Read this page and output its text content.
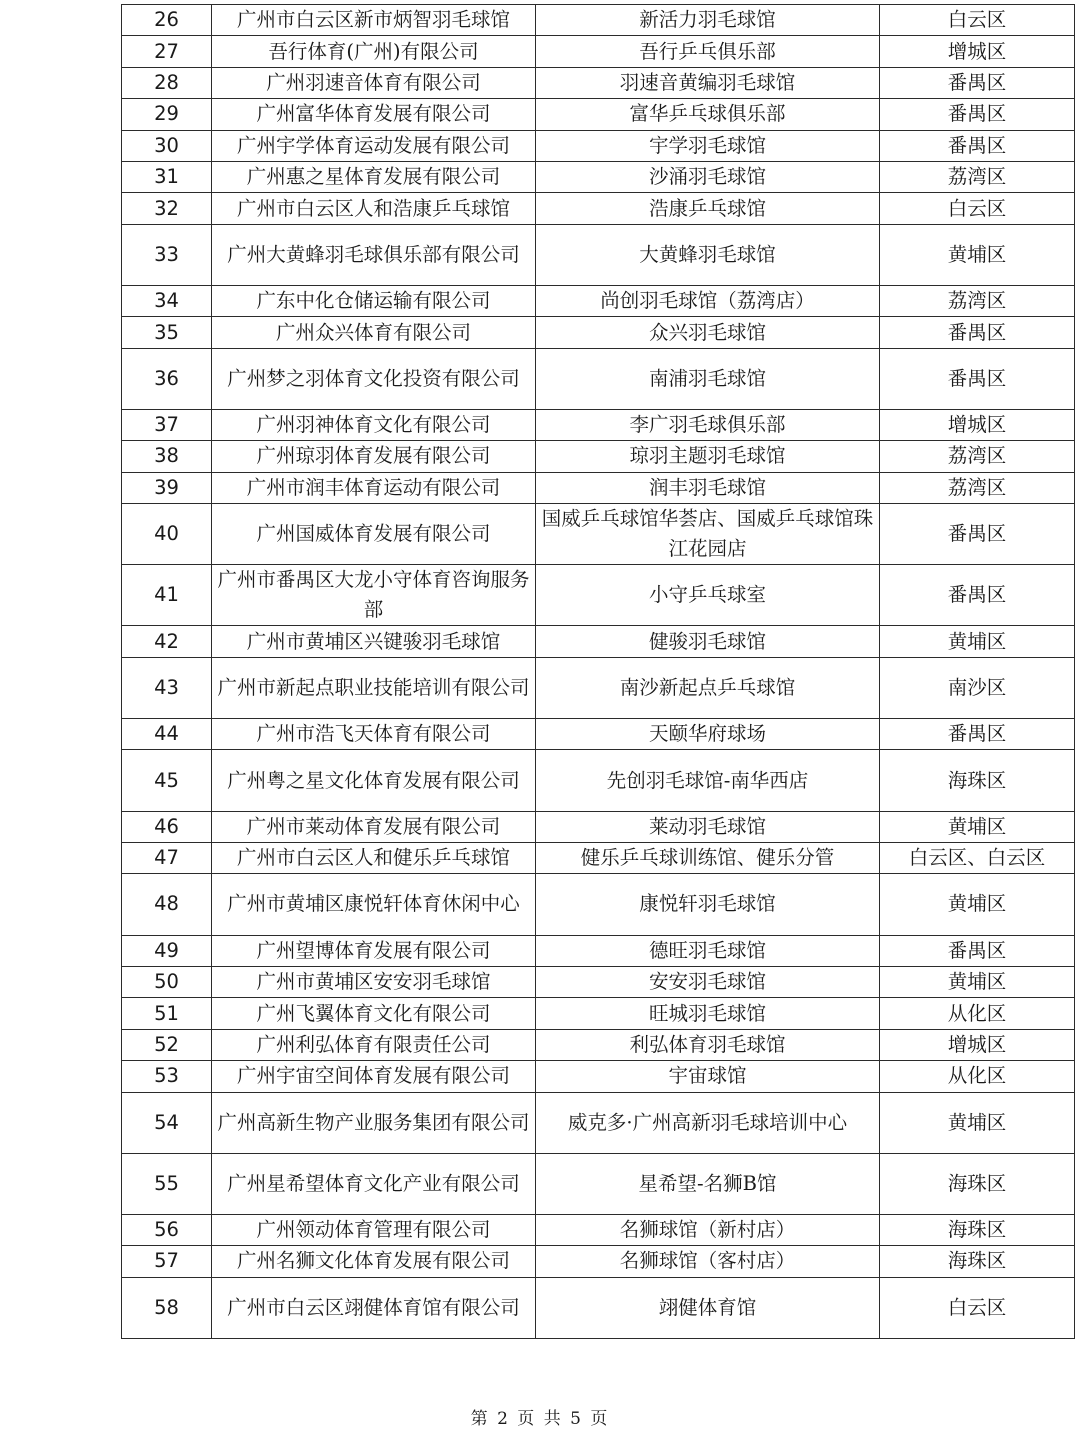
26	广州市白云区新市炳智羽毛球馆	新活力羽毛球馆	白云区
27	吾行体育(广州)有限公司	吾行乒乓俱乐部	增城区
28	广州羽速音体育有限公司	羽速音黄编羽毛球馆	番禺区
29	广州富华体育发展有限公司	富华乒乓球俱乐部	番禺区
30	广州宇学体育运动发展有限公司	宇学羽毛球馆	番禺区
31	广州惠之星体育发展有限公司	沙涌羽毛球馆	荔湾区
32	广州市白云区人和浩康乒乓球馆	浩康乒乓球馆	白云区
33	广州大黄蜂羽毛球俱乐部有限公司	大黄蜂羽毛球馆	黄埔区
34	广东中化仓储运输有限公司	尚创羽毛球馆（荔湾店）	荔湾区
35	广州众兴体育有限公司	众兴羽毛球馆	番禺区
36	广州梦之羽体育文化投资有限公司	南浦羽毛球馆	番禺区
37	广州羽神体育文化有限公司	李广羽毛球俱乐部	增城区
38	广州琼羽体育发展有限公司	琼羽主题羽毛球馆	荔湾区
39	广州市润丰体育运动有限公司	润丰羽毛球馆	荔湾区
40	广州国威体育发展有限公司	国威乒乓球馆华荟店、国威乒乓球馆珠江花园店	番禺区
41	广州市番禺区大龙小守体育咨询服务部	小守乒乓球室	番禺区
42	广州市黄埔区兴键骏羽毛球馆	健骏羽毛球馆	黄埔区
43	广州市新起点职业技能培训有限公司	南沙新起点乒乓球馆	南沙区
44	广州市浩飞天体育有限公司	天颐华府球场	番禺区
45	广州粤之星文化体育发展有限公司	先创羽毛球馆-南华西店	海珠区
46	广州市莱动体育发展有限公司	莱动羽毛球馆	黄埔区
47	广州市白云区人和健乐乒乓球馆	健乐乒乓球训练馆、健乐分管	白云区、白云区
48	广州市黄埔区康悦轩体育休闲中心	康悦轩羽毛球馆	黄埔区
49	广州望博体育发展有限公司	德旺羽毛球馆	番禺区
50	广州市黄埔区安安羽毛球馆	安安羽毛球馆	黄埔区
51	广州飞翼体育文化有限公司	旺城羽毛球馆	从化区
52	广州利弘体育有限责任公司	利弘体育羽毛球馆	增城区
53	广州宇宙空间体育发展有限公司	宇宙球馆	从化区
54	广州高新生物产业服务集团有限公司	威克多·广州高新羽毛球培训中心	黄埔区
55	广州星希望体育文化产业有限公司	星希望-名狮B馆	海珠区
56	广州领动体育管理有限公司	名狮球馆（新村店）	海珠区
57	广州名狮文化体育发展有限公司	名狮球馆（客村店）	海珠区
58	广州市白云区翊健体育馆有限公司	翊健体育馆	白云区
第 2 页 共 5 页
